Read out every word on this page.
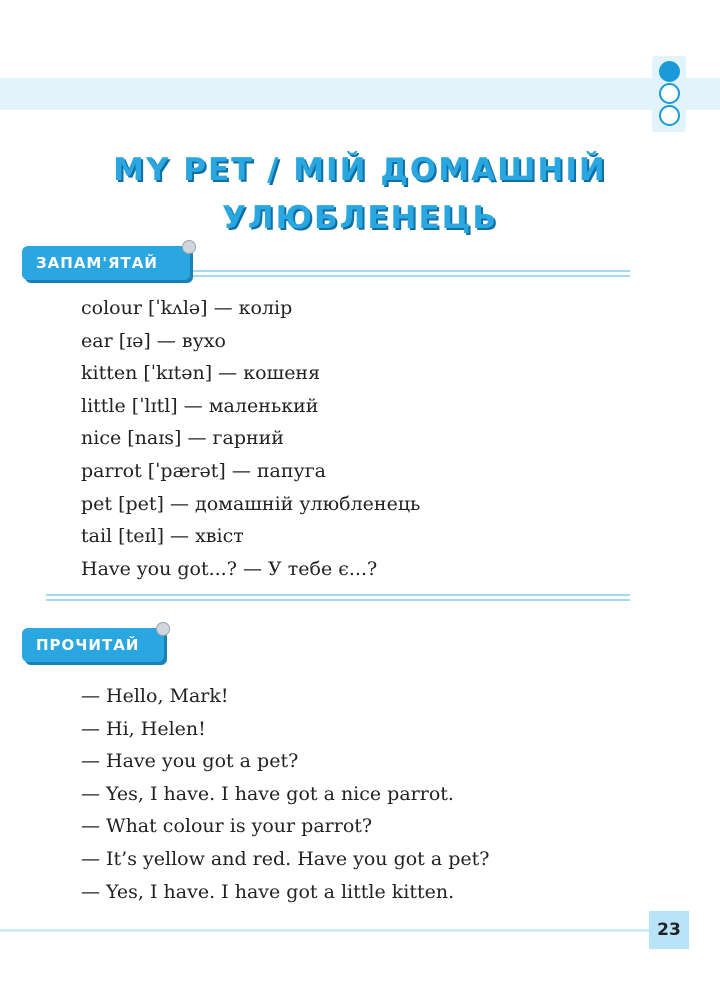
MY PET / МІЙ ДОМАШНІЙ
УЛЮБЛЕНЕЦЬ
ЗАПАМ'ЯТАЙ
colour [ˈkʌlə] — колір
ear [ɪə] — вухо
kitten [ˈkɪtən] — кошеня
little [ˈlɪtl] — маленький
nice [naɪs] — гарний
parrot [ˈpærət] — папуга
pet [pet] — домашній улюбленець
tail [teɪl] — хвіст
Have you got...? — У тебе є...?
ПРОЧИТАЙ
— Hello, Mark!
— Hi, Helen!
— Have you got a pet?
— Yes, I have. I have got a nice parrot.
— What colour is your parrot?
— It’s yellow and red. Have you got a pet?
— Yes, I have. I have got a little kitten.
23
